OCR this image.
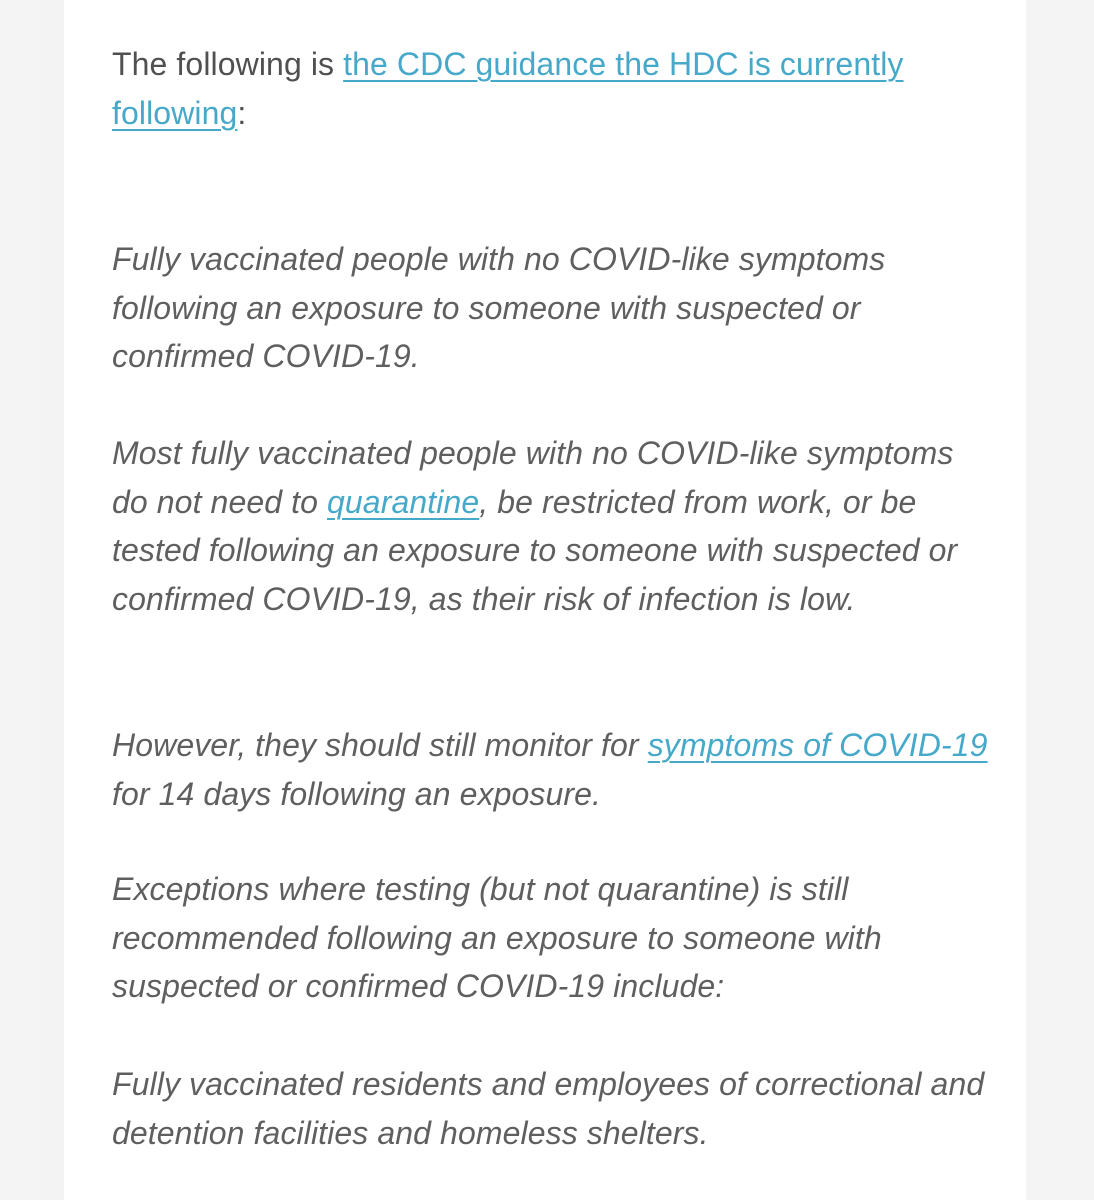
The following is the CDC guidance the HDC is currently following:

Fully vaccinated people with no COVID-like symptoms following an exposure to someone with suspected or confirmed COVID-19.

Most fully vaccinated people with no COVID-like symptoms do not need to quarantine, be restricted from work, or be tested following an exposure to someone with suspected or confirmed COVID-19, as their risk of infection is low.

However, they should still monitor for symptoms of COVID-19 for 14 days following an exposure.

Exceptions where testing (but not quarantine) is still recommended following an exposure to someone with suspected or confirmed COVID-19 include:

Fully vaccinated residents and employees of correctional and detention facilities and homeless shelters.
